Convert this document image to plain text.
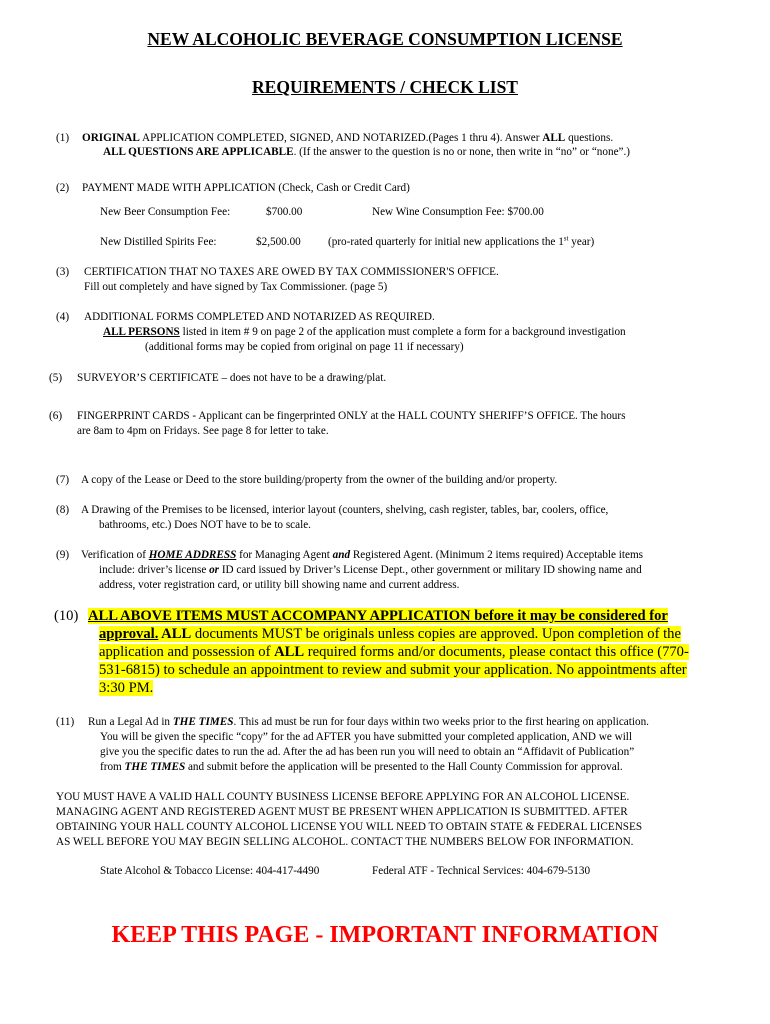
NEW ALCOHOLIC BEVERAGE CONSUMPTION LICENSE
REQUIREMENTS / CHECK LIST
(1) ORIGINAL APPLICATION COMPLETED, SIGNED, AND NOTARIZED.(Pages 1 thru 4). Answer ALL questions.
ALL QUESTIONS ARE APPLICABLE. (If the answer to the question is no or none, then write in “no” or “none”.)
(2) PAYMENT MADE WITH APPLICATION (Check, Cash or Credit Card)
New Beer Consumption Fee:	$700.00	New Wine Consumption Fee: $700.00
New Distilled Spirits Fee:	$2,500.00 (pro-rated quarterly for initial new applications the 1st year)
(3) CERTIFICATION THAT NO TAXES ARE OWED BY TAX COMMISSIONER'S OFFICE.
Fill out completely and have signed by Tax Commissioner. (page 5)
(4) ADDITIONAL FORMS COMPLETED AND NOTARIZED AS REQUIRED.
ALL PERSONS listed in item # 9 on page 2 of the application must complete a form for a background investigation
(additional forms may be copied from original on page 11 if necessary)
(5) SURVEYOR’S CERTIFICATE – does not have to be a drawing/plat.
(6) FINGERPRINT CARDS - Applicant can be fingerprinted ONLY at the HALL COUNTY SHERIFF’S OFFICE. The hours
are 8am to 4pm on Fridays. See page 8 for letter to take.
(7) A copy of the Lease or Deed to the store building/property from the owner of the building and/or property.
(8) A Drawing of the Premises to be licensed, interior layout (counters, shelving, cash register, tables, bar, coolers, office,
bathrooms, etc.) Does NOT have to be to scale.
(9) Verification of HOME ADDRESS for Managing Agent and Registered Agent. (Minimum 2 items required) Acceptable items
include: driver’s license or ID card issued by Driver’s License Dept., other government or military ID showing name and
address, voter registration card, or utility bill showing name and current address.
(10) ALL ABOVE ITEMS MUST ACCOMPANY APPLICATION before it may be considered for
approval. ALL documents MUST be originals unless copies are approved. Upon completion of the
application and possession of ALL required forms and/or documents, please contact this office (770-
531-6815) to schedule an appointment to review and submit your application. No appointments after
3:30 PM.
(11) Run a Legal Ad in THE TIMES. This ad must be run for four days within two weeks prior to the first hearing on application.
You will be given the specific “copy” for the ad AFTER you have submitted your completed application, AND we will
give you the specific dates to run the ad. After the ad has been run you will need to obtain an “Affidavit of Publication”
from THE TIMES and submit before the application will be presented to the Hall County Commission for approval.
YOU MUST HAVE A VALID HALL COUNTY BUSINESS LICENSE BEFORE APPLYING FOR AN ALCOHOL LICENSE.
MANAGING AGENT AND REGISTERED AGENT MUST BE PRESENT WHEN APPLICATION IS SUBMITTED. AFTER
OBTAINING YOUR HALL COUNTY ALCOHOL LICENSE YOU WILL NEED TO OBTAIN STATE & FEDERAL LICENSES
AS WELL BEFORE YOU MAY BEGIN SELLING ALCOHOL. CONTACT THE NUMBERS BELOW FOR INFORMATION.
State Alcohol & Tobacco License: 404-417-4490	Federal ATF - Technical Services: 404-679-5130
KEEP THIS PAGE - IMPORTANT INFORMATION
